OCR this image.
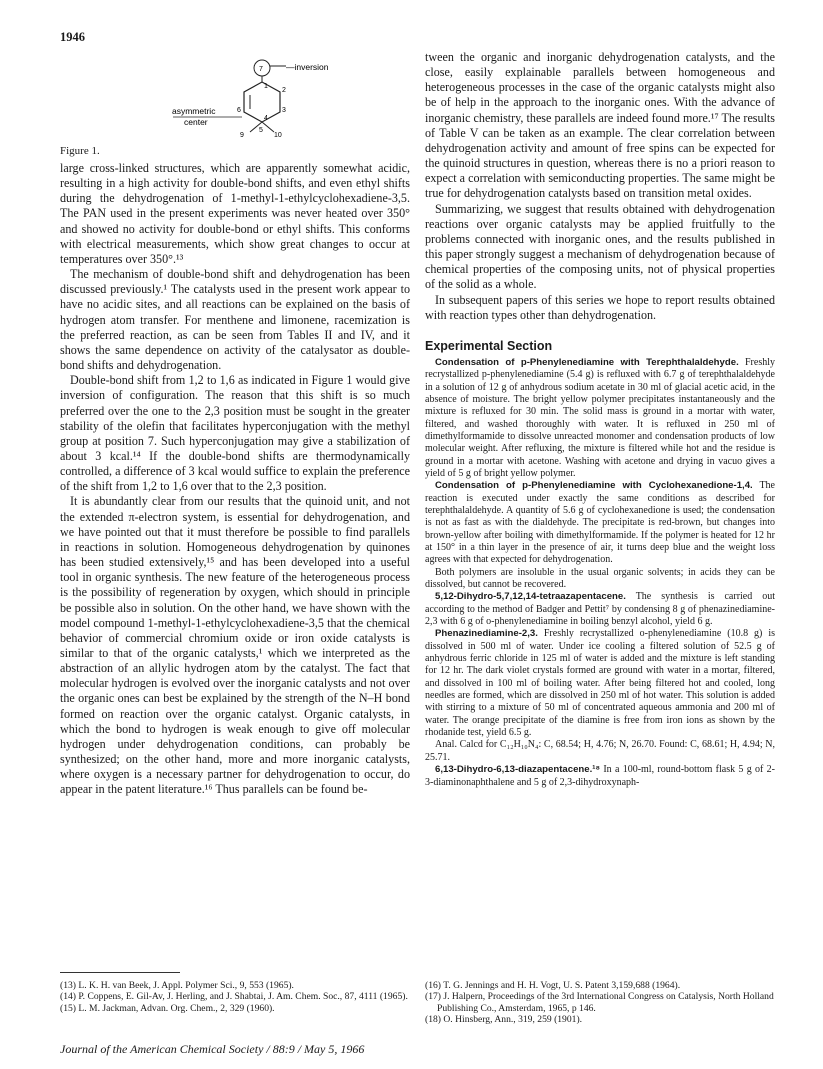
1946
7
1
2
3
4
5
6
9	10
—inversion
asymmetric
center
Figure 1.

large cross-linked structures, which are apparently somewhat acidic, resulting in a high activity for double-bond shifts, and even ethyl shifts during the dehydrogenation of 1-methyl-1-ethylcyclohexadiene-3,5. The PAN used in the present experiments was never heated over 350° and showed no activity for double-bond or ethyl shifts. This conforms with electrical measurements, which show great changes to occur at temperatures over 350°.¹³

The mechanism of double-bond shift and dehydrogenation has been discussed previously.¹ The catalysts used in the present work appear to have no acidic sites, and all reactions can be explained on the basis of hydrogen atom transfer. For menthene and limonene, racemization is the preferred reaction, as can be seen from Tables II and IV, and it shows the same dependence on activity of the catalysator as double-bond shifts and dehydrogenation.

Double-bond shift from 1,2 to 1,6 as indicated in Figure 1 would give inversion of configuration. The reason that this shift is so much preferred over the one to the 2,3 position must be sought in the greater stability of the olefin that facilitates hyperconjugation with the methyl group at position 7. Such hyperconjugation may give a stabilization of about 3 kcal.¹⁴ If the double-bond shifts are thermodynamically controlled, a difference of 3 kcal would suffice to explain the preference of the shift from 1,2 to 1,6 over that to the 2,3 position.

It is abundantly clear from our results that the quinoid unit, and not the extended π-electron system, is essential for dehydrogenation, and we have pointed out that it must therefore be possible to find parallels in reactions in solution. Homogeneous dehydrogenation by quinones has been studied extensively,¹⁵ and has been developed into a useful tool in organic synthesis. The new feature of the heterogeneous process is the possibility of regeneration by oxygen, which should in principle be possible also in solution. On the other hand, we have shown with the model compound 1-methyl-1-ethylcyclohexadiene-3,5 that the chemical behavior of commercial chromium oxide or iron oxide catalysts is similar to that of the organic catalysts,¹ which we interpreted as the abstraction of an allylic hydrogen atom by the catalyst. The fact that molecular hydrogen is evolved over the inorganic catalysts and not over the organic ones can best be explained by the strength of the N–H bond formed on reaction over the organic catalyst. Organic catalysts, in which the bond to hydrogen is weak enough to give off molecular hydrogen under dehydrogenation conditions, can probably be synthesized; on the other hand, more and more inorganic catalysts, where oxygen is a necessary partner for dehydrogenation to occur, do appear in the patent literature.¹⁶ Thus parallels can be found be-

tween the organic and inorganic dehydrogenation catalysts, and the close, easily explainable parallels between homogeneous and heterogeneous processes in the case of the organic catalysts might also be of help in the approach to the inorganic ones. With the advance of inorganic chemistry, these parallels are indeed found more.¹⁷ The results of Table V can be taken as an example. The clear correlation between dehydrogenation activity and amount of free spins can be expected for the quinoid structures in question, whereas there is no a priori reason to expect a correlation with semiconducting properties. The same might be true for dehydrogenation catalysts based on transition metal oxides.

Summarizing, we suggest that results obtained with dehydrogenation reactions over organic catalysts may be applied fruitfully to the problems connected with inorganic ones, and the results published in this paper strongly suggest a mechanism of dehydrogenation because of chemical properties of the composing units, not of physical properties of the solid as a whole.

In subsequent papers of this series we hope to report results obtained with reaction types other than dehydrogenation.

Experimental Section

Condensation of p-Phenylenediamine with Terephthalaldehyde. Freshly recrystallized p-phenylenediamine (5.4 g) is refluxed with 6.7 g of terephthalaldehyde in a solution of 12 g of anhydrous sodium acetate in 30 ml of glacial acetic acid, in the absence of moisture. The bright yellow polymer precipitates instantaneously and the mixture is refluxed for 30 min. The solid mass is ground in a mortar with water, filtered, and washed thoroughly with water. It is refluxed in 250 ml of dimethylformamide to dissolve unreacted monomer and condensation products of low molecular weight. After refluxing, the mixture is filtered while hot and the residue is ground in a mortar with acetone. Washing with acetone and drying in vacuo gives a yield of 5 g of bright yellow polymer.

Condensation of p-Phenylenediamine with Cyclohexanedione-1,4. The reaction is executed under exactly the same conditions as described for terephthalaldehyde. A quantity of 5.6 g of cyclohexanedione is used; the condensation is not as fast as with the dialdehyde. The precipitate is red-brown, but changes into brown-yellow after boiling with dimethylformamide. If the polymer is heated for 12 hr at 150° in a thin layer in the presence of air, it turns deep blue and the weight loss agrees with that expected for dehydrogenation.

Both polymers are insoluble in the usual organic solvents; in acids they can be dissolved, but cannot be recovered.

5,12-Dihydro-5,7,12,14-tetraazapentacene. The synthesis is carried out according to the method of Badger and Pettit⁷ by condensing 8 g of phenazinediamine-2,3 with 6 g of o-phenylenediamine in boiling benzyl alcohol, yield 6 g.

Phenazinediamine-2,3. Freshly recrystallized o-phenylenediamine (10.8 g) is dissolved in 500 ml of water. Under ice cooling a filtered solution of 52.5 g of anhydrous ferric chloride in 125 ml of water is added and the mixture is left standing for 12 hr. The dark violet crystals formed are ground with water in a mortar, filtered, and dissolved in 100 ml of boiling water. After being filtered hot and cooled, long needles are formed, which are dissolved in 250 ml of hot water. This solution is added with stirring to a mixture of 50 ml of concentrated aqueous ammonia and 200 ml of water. The orange precipitate of the diamine is free from iron ions as shown by the rhodanide test, yield 6.5 g.

Anal. Calcd for C₁₂H₁₀N₄: C, 68.54; H, 4.76; N, 26.70. Found: C, 68.61; H, 4.94; N, 25.71.

6,13-Dihydro-6,13-diazapentacene.¹⁸ In a 100-ml, round-bottom flask 5 g of 2-3-diaminonaphthalene and 5 g of 2,3-dihydroxynaph-

(13) L. K. H. van Beek, J. Appl. Polymer Sci., 9, 553 (1965).
(14) P. Coppens, E. Gil-Av, J. Herling, and J. Shabtai, J. Am. Chem. Soc., 87, 4111 (1965).
(15) L. M. Jackman, Advan. Org. Chem., 2, 329 (1960).
(16) T. G. Jennings and H. H. Vogt, U. S. Patent 3,159,688 (1964).
(17) J. Halpern, Proceedings of the 3rd International Congress on Catalysis, North Holland Publishing Co., Amsterdam, 1965, p 146.
(18) O. Hinsberg, Ann., 319, 259 (1901).
Journal of the American Chemical Society / 88:9 / May 5, 1966
